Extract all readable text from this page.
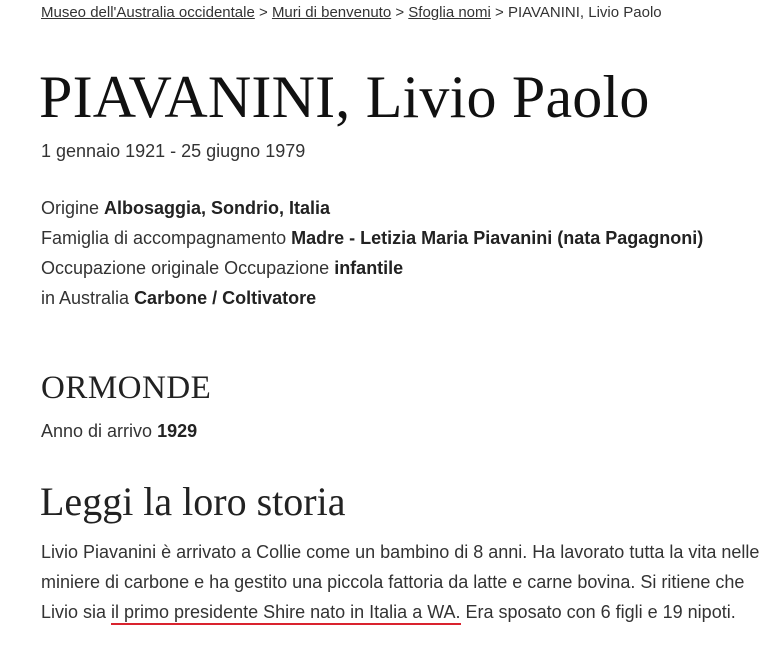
Museo dell'Australia occidentale > Muri di benvenuto > Sfoglia nomi > PIAVANINI, Livio Paolo
PIAVANINI, Livio Paolo
1 gennaio 1921 - 25 giugno 1979
Origine Albosaggia, Sondrio, Italia
Famiglia di accompagnamento Madre - Letizia Maria Piavanini (nata Pagagnoni)
Occupazione originale Occupazione infantile
in Australia Carbone / Coltivatore
ORMONDE
Anno di arrivo 1929
Leggi la loro storia

Livio Piavanini è arrivato a Collie come un bambino di 8 anni. Ha lavorato tutta la vita nelle miniere di carbone e ha gestito una piccola fattoria da latte e carne bovina. Si ritiene che Livio sia il primo presidente Shire nato in Italia a WA. Era sposato con 6 figli e 19 nipoti.
